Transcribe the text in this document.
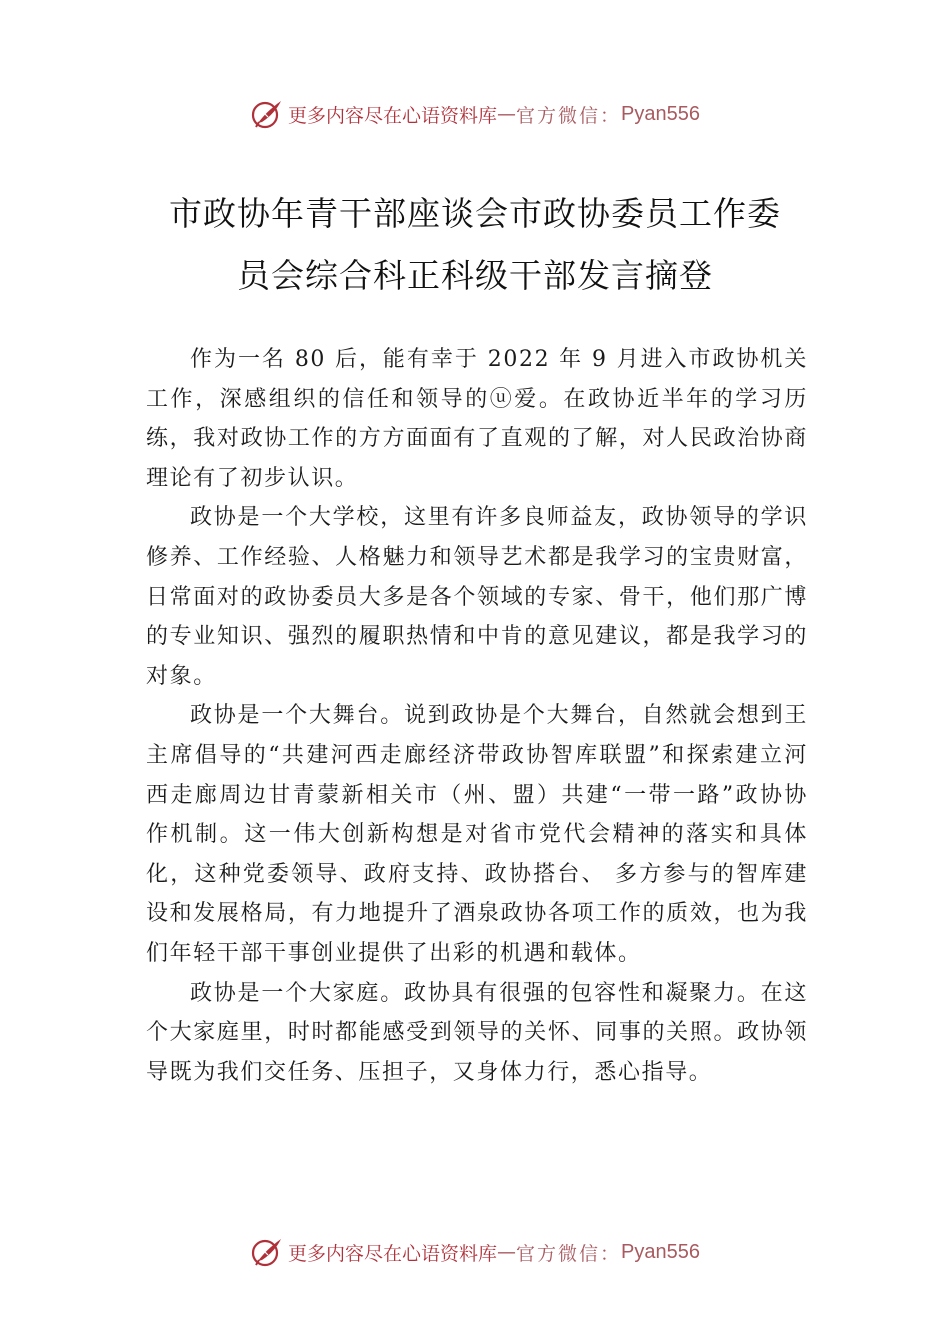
更多内容尽在心语资料库 — 官方微信： Pyan556
市政协年青干部座谈会市政协委员工作委
员会综合科正科级干部发言摘登

作为一名 80 后，能有幸于 2022 年 9 月进入市政协机关工作，深感组织的信任和领导的ⓤ爱。在政协近半年的学习历练，我对政协工作的方方面面有了直观的了解，对人民政治协商理论有了初步认识。

政协是一个大学校，这里有许多良师益友，政协领导的学识修养、工作经验、人格魅力和领导艺术都是我学习的宝贵财富，日常面对的政协委员大多是各个领域的专家、骨干，他们那广博的专业知识、强烈的履职热情和中肯的意见建议，都是我学习的对象。

政协是一个大舞台。说到政协是个大舞台，自然就会想到王主席倡导的“共建河西走廊经济带政协智库联盟”和探索建立河西走廊周边甘青蒙新相关市（州、盟）共建“一带一路”政协协作机制。这一伟大创新构想是对省市党代会精神的落实和具体化，这种党委领导、政府支持、政协搭台、 多方参与的智库建设和发展格局，有力地提升了酒泉政协各项工作的质效，也为我们年轻干部干事创业提供了出彩的机遇和载体。

政协是一个大家庭。政协具有很强的包容性和凝聚力。在这个大家庭里，时时都能感受到领导的关怀、同事的关照。政协领导既为我们交任务、压担子，又身体力行，悉心指导。

更多内容尽在心语资料库 — 官方微信： Pyan556
